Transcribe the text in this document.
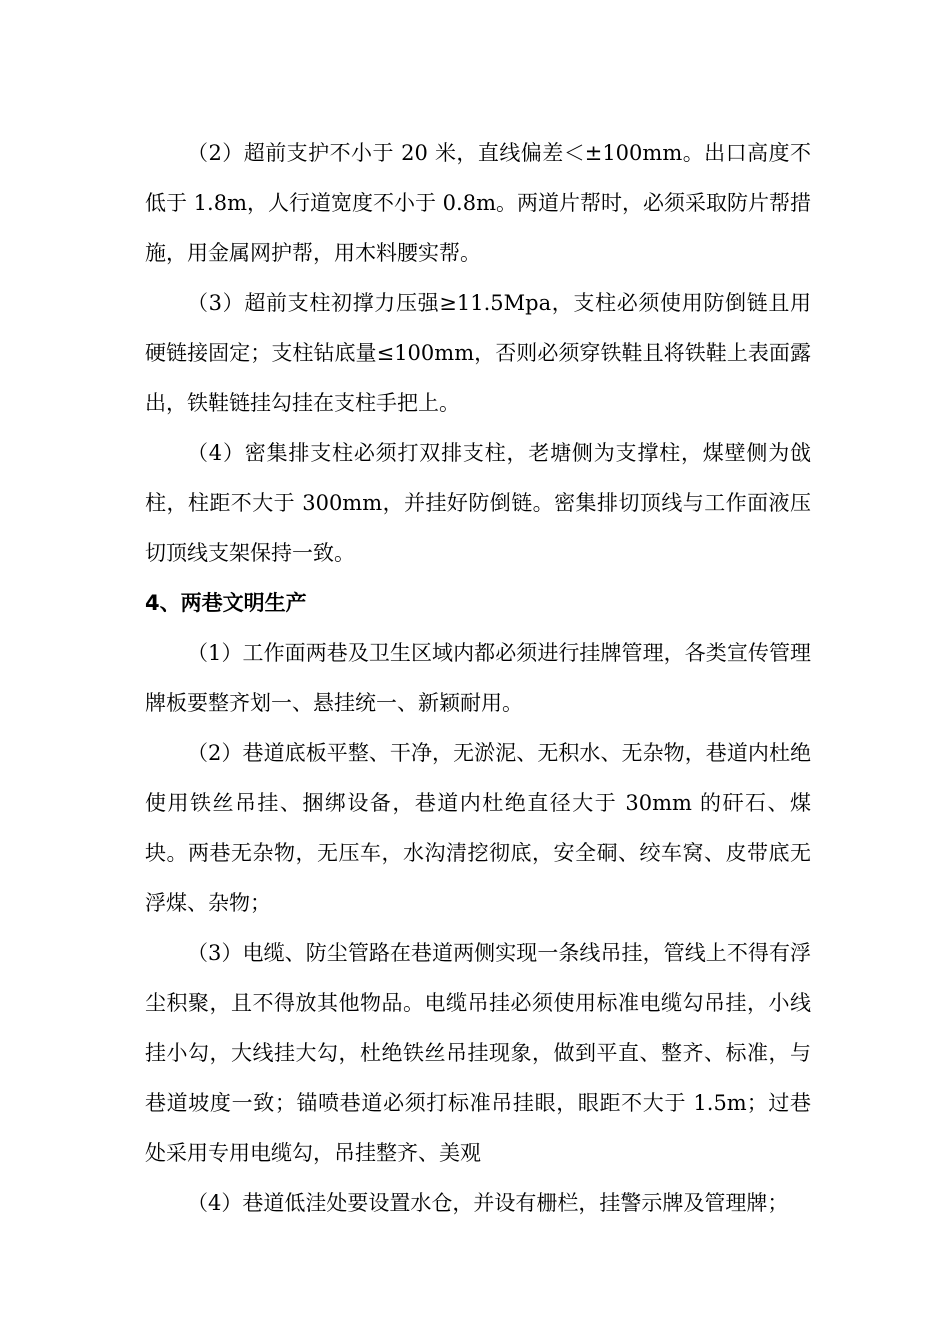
（2）超前支护不小于 20 米，直线偏差＜±100mm。出口高度不低于 1.8m，人行道宽度不小于 0.8m。两道片帮时，必须采取防片帮措施，用金属网护帮，用木料腰实帮。

（3）超前支柱初撑力压强≥11.5Mpa，支柱必须使用防倒链且用硬链接固定；支柱钻底量≤100mm，否则必须穿铁鞋且将铁鞋上表面露出，铁鞋链挂勾挂在支柱手把上。

（4）密集排支柱必须打双排支柱，老塘侧为支撑柱，煤壁侧为戗柱，柱距不大于 300mm，并挂好防倒链。密集排切顶线与工作面液压切顶线支架保持一致。

4、两巷文明生产

（1）工作面两巷及卫生区域内都必须进行挂牌管理，各类宣传管理牌板要整齐划一、悬挂统一、新颖耐用。

（2）巷道底板平整、干净，无淤泥、无积水、无杂物，巷道内杜绝使用铁丝吊挂、捆绑设备，巷道内杜绝直径大于 30mm 的矸石、煤块。两巷无杂物，无压车，水沟清挖彻底，安全硐、绞车窝、皮带底无浮煤、杂物；

（3）电缆、防尘管路在巷道两侧实现一条线吊挂，管线上不得有浮尘积聚，且不得放其他物品。电缆吊挂必须使用标准电缆勾吊挂，小线挂小勾，大线挂大勾，杜绝铁丝吊挂现象，做到平直、整齐、标准，与巷道坡度一致；锚喷巷道必须打标准吊挂眼，眼距不大于 1.5m；过巷处采用专用电缆勾，吊挂整齐、美观

（4）巷道低洼处要设置水仓，并设有栅栏，挂警示牌及管理牌；
